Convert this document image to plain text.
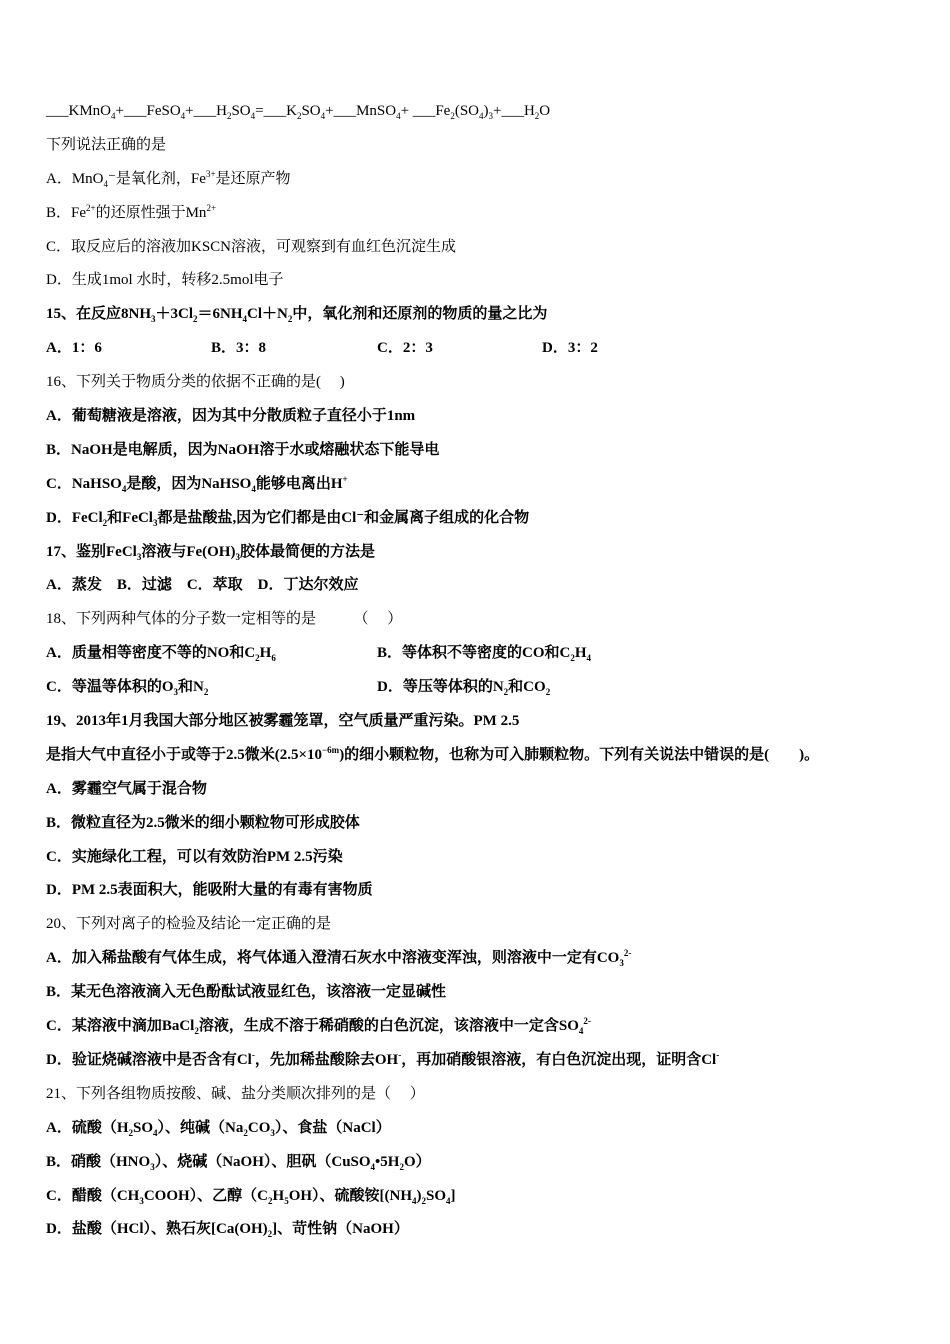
$\_\_\_KMnO_4+\_\_\_FeSO_4+\_\_\_H_2SO_4=\_\_\_K_2SO_4+\_\_\_MnSO_4+$ $\_\_\_Fe_2(SO_4)_3+\_\_\_H_2O$
下列说法正确的是
A．MnO$_4$⁻是氧化剂，$Fe^{3+}$是还原产物
B．$Fe^{2+}$的还原性强于$Mn^{2+}$
C．取反应后的溶液加KSCN溶液，可观察到有血红色沉淀生成
D．生成1mol 水时，转移2.5mol电子
15、在反应$8NH_3+3Cl_2=6NH_4Cl+N_2$中，氧化剂和还原剂的物质的量之比为
A．1：6	B．3：8	C．2：3	D．3：2
16、下列关于物质分类的依据不正确的是(　 )
A．葡萄糖液是溶液，因为其中分散质粒子直径小于1nm
B．NaOH是电解质，因为NaOH溶于水或熔融状态下能导电
C．NaHSO$_4$是酸，因为NaHSO$_4$能够电离出H+
D．FeCl$_2$和FeCl$_3$都是盐酸盐,因为它们都是由Cl⁻和金属离子组成的化合物
17、鉴别FeCl$_3$溶液与$Fe(OH)_3$胶体最简便的方法是
A．蒸发　B．过滤　C．萃取　D．丁达尔效应
18、下列两种气体的分子数一定相等的是　　　（　 ）
A．质量相等密度不等的NO和$C_2H_6$	B．等体积不等密度的CO和$C_2H_4$
C．等温等体积的$O_3$和$N_2$	D．等压等体积的$N_2$和$CO_2$
19、2013年1月我国大部分地区被雾霾笼罩，空气质量严重污染。PM 2.5
是指大气中直径小于或等于2.5微米$(2.5\times 10^{-6m})$的细小颗粒物，也称为可入肺颗粒物。下列有关说法中错误的是(　　)。
A．雾霾空气属于混合物
B．微粒直径为2.5微米的细小颗粒物可形成胶体
C．实施绿化工程，可以有效防治PM 2.5污染
D．PM 2.5表面积大，能吸附大量的有毒有害物质
20、下列对离子的检验及结论一定正确的是
A．加入稀盐酸有气体生成，将气体通入澄清石灰水中溶液变浑浊，则溶液中一定有$CO_3^{2-}$
B．某无色溶液滴入无色酚酞试液显红色，该溶液一定显碱性
C．某溶液中滴加BaCl$_2$溶液，生成不溶于稀硝酸的白色沉淀，该溶液中一定含$SO_4^{2-}$
D．验证烧碱溶液中是否含有Cl-，先加稀盐酸除去OH-，再加硝酸银溶液，有白色沉淀出现，证明含Cl-
21、下列各组物质按酸、碱、盐分类顺次排列的是（　 ）
A．硫酸$(H_2SO_4)$、纯碱$(Na_2CO_3)$、食盐（NaCl）
B．硝酸$(HNO_3)$、烧碱（NaOH）、胆矾$(CuSO_4•5H_2O)$
C．醋酸$(CH_3COOH)$、乙醇$(C_2H_5OH)$、硫酸铵$[(NH_4)_2SO_4]$
D．盐酸（HCl）、熟石灰$[Ca(OH)_2]$、苛性钠（NaOH）
